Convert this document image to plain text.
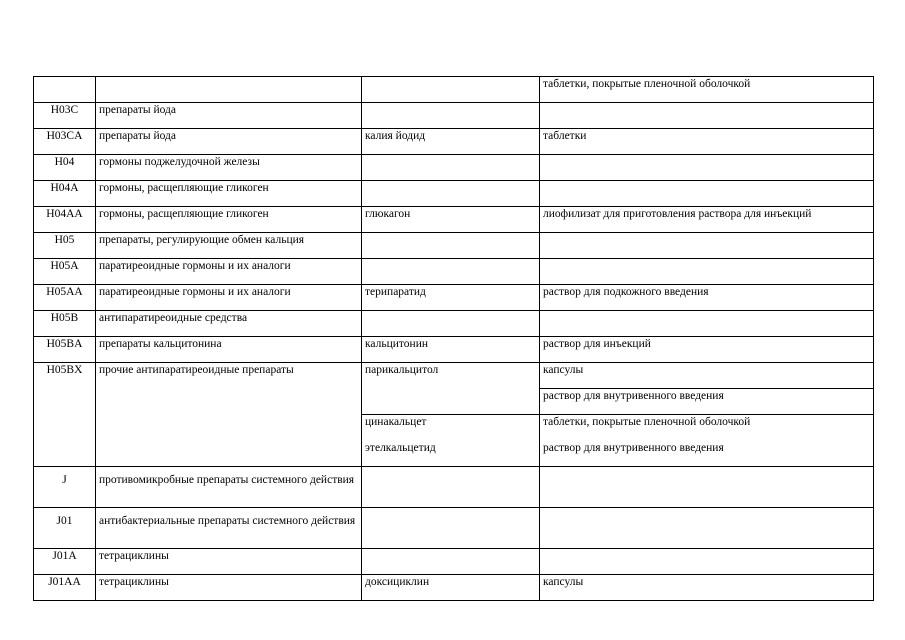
			таблетки, покрытые пленочной оболочкой
H03C	препараты йода		
H03CA	препараты йода	калия йодид	таблетки
H04	гормоны поджелудочной железы		
H04A	гормоны, расщепляющие гликоген		
H04AA	гормоны, расщепляющие гликоген	глюкагон	лиофилизат для приготовления раствора для инъекций
H05	препараты, регулирующие обмен кальция		
H05A	паратиреоидные гормоны и их аналоги		
H05AA	паратиреоидные гормоны и их аналоги	терипаратид	раствор для подкожного введения
H05B	антипаратиреоидные средства		
H05BA	препараты кальцитонина	кальцитонин	раствор для инъекций
H05BX	прочие антипаратиреоидные препараты	парикальцитол	капсулы
			раствор для внутривенного введения
		цинакальцет	таблетки, покрытые пленочной оболочкой
		этелкальцетид	раствор для внутривенного введения
J	противомикробные препараты системного действия		
J01	антибактериальные препараты системного действия		
J01A	тетрациклины		
J01AA	тетрациклины	доксициклин	капсулы
